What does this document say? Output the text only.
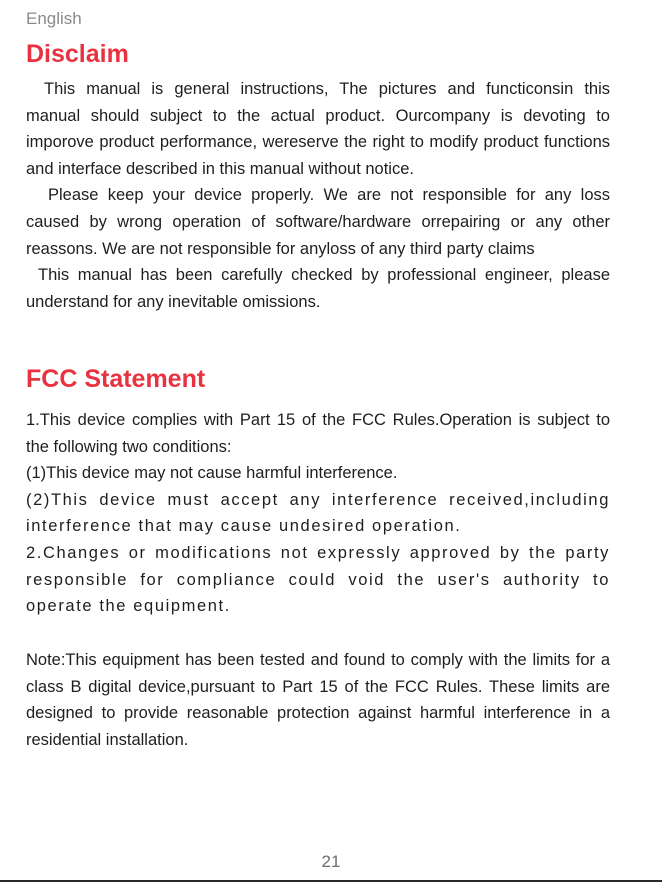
English
Disclaim

This manual is general instructions, The pictures and functiconsin this manual should subject to the actual product. Ourcompany is devoting to imporove product performance, wereserve the right to modify product functions and interface described in this manual without notice.

Please keep your device properly. We are not responsible for any loss caused by wrong operation of software/hardware orrepairing or any other reassons. We are not responsible for anyloss of any third party claims

This manual has been carefully checked by professional engineer, please understand for any inevitable omissions.

FCC Statement

1.This device complies with Part 15 of the FCC Rules.Operation is subject to the following two conditions:

(1)This device may not cause harmful interference.

(2)This device must accept any interference received,including interference that may cause undesired operation.

2.Changes or modifications not expressly approved by the party responsible for compliance could void the user's authority to operate the equipment.

Note:This equipment has been tested and found to comply with the limits for a class B digital device,pursuant to Part 15 of the FCC Rules. These limits are designed to provide reasonable protection against harmful interference in a residential installation.

21
